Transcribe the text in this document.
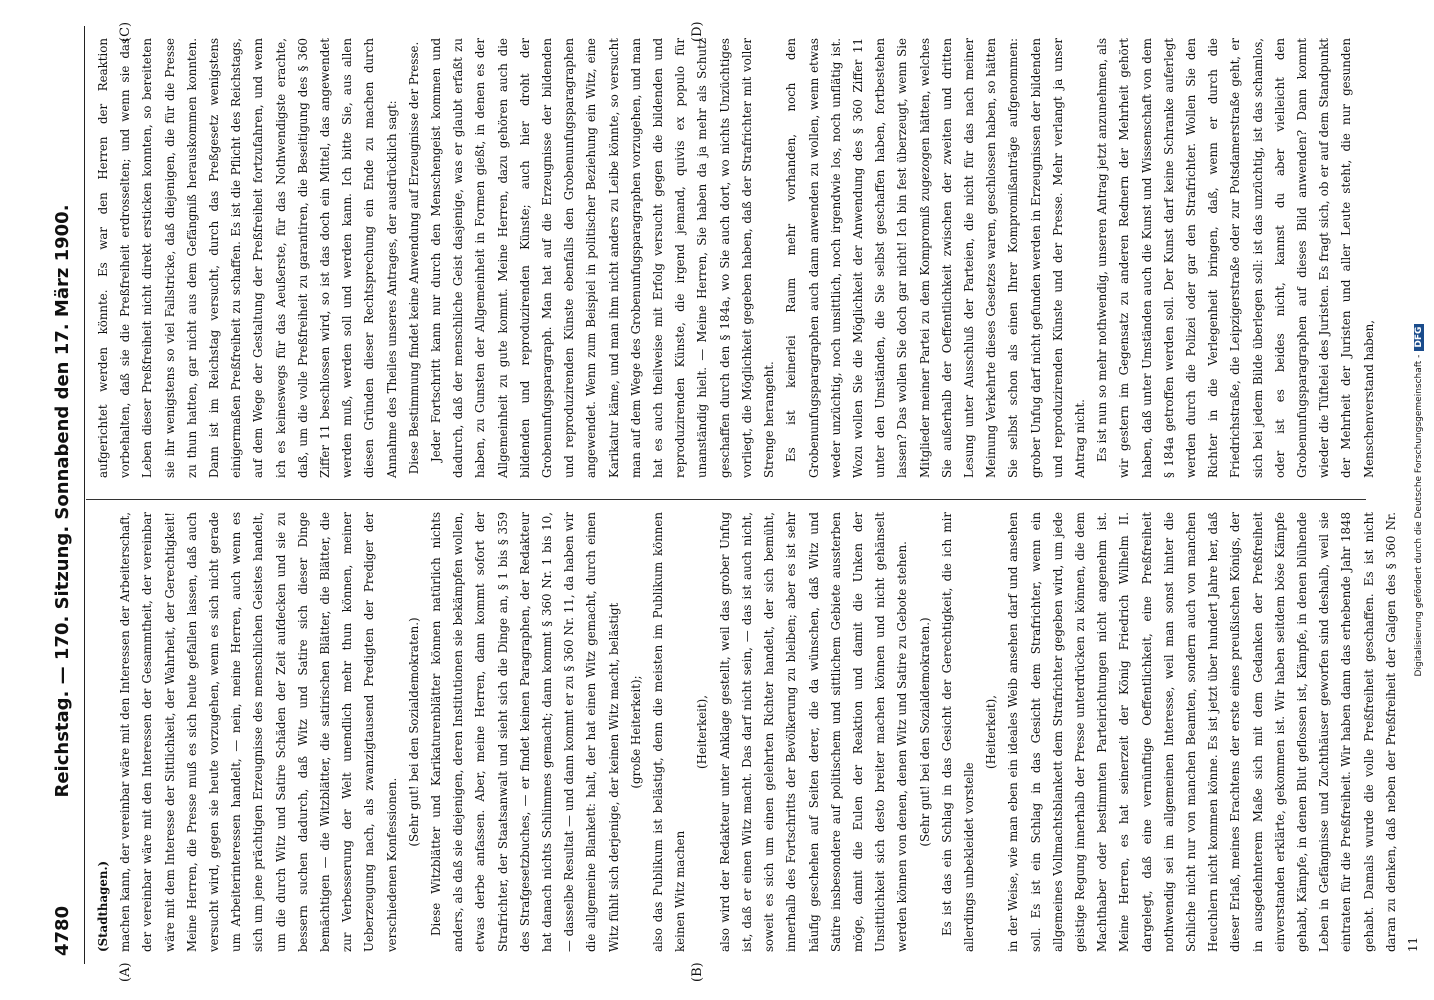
4780
Reichstag. — 170. Sitzung. Sonnabend den 17. März 1900.
(A)	(B)
(C)	(D)

(Stadthagen.) machen kann, der vereinbar wäre mit den Interessen der Arbeiterschaft, der vereinbar wäre mit den Interessen der Gesammtheit, der vereinbar wäre mit dem Interesse der Sittlichkeit, der Wahrheit, der Gerechtigkeit! Meine Herren, die Presse muß es sich heute gefallen lassen, daß auch versucht wird, gegen sie heute vorzugehen, wenn es sich nicht gerade um Arbeiterinteressen handelt, — nein, meine Herren, auch wenn es sich um jene prächtigen Erzeugnisse des menschlichen Geistes handelt, um die durch Witz und Satire Schäden der Zeit aufdecken und sie zu bessern suchen dadurch, daß Witz und Satire sich dieser Dinge bemächtigen — die Witzblätter, die satirischen Blätter, die Blätter, die zur Verbesserung der Welt unendlich mehr thun können, meiner Ueberzeugung nach, als zwanzigtausend Predigten der Prediger der verschiedenen Konfessionen.

(Sehr gut! bei den Sozialdemokraten.) Diese Witzblätter und Karikaturenblätter können natürlich nichts anders, als daß sie diejenigen, deren Institutionen sie bekämpfen wollen, etwas derbe anfassen. Aber, meine Herren, dann kommt sofort der Strafrichter, der Staatsanwalt und sieht sich die Dinge an, § 1 bis § 359 des Strafgesetzbuches, — er findet keinen Paragraphen, der Redakteur hat danach nichts Schlimmes gemacht; dann kommt § 360 Nr. 1 bis 10, — dasselbe Resultat — und dann kommt er zu § 360 Nr. 11, da haben wir die allgemeine Blankett: halt, der hat einen Witz gemacht, durch einen Witz fühlt sich derjenige, der keinen Witz macht, belästigt (große Heiterkeit); also das Publikum ist belästigt, denn die meisten im Publikum können keinen Witz machen

(Heiterkeit), also wird der Redakteur unter Anklage gestellt, weil das grober Unfug ist, daß er einen Witz macht. Das darf nicht sein, — das ist auch nicht, soweit es sich um einen gelehrten Richter handelt, der sich bemüht, innerhalb des Fortschritts der Bevölkerung zu bleiben; aber es ist sehr häufig geschehen auf Seiten derer, die da wünschen, daß Witz und Satire insbesondere auf politischem und sittlichem Gebiete aussterben möge, damit die Eulen der Reaktion und damit die Unken der Unsittlichkeit sich desto breiter machen können und nicht gehänselt werden können von denen, denen Witz und Satire zu Gebote stehen. (Sehr gut! bei den Sozialdemokraten.) Es ist das ein Schlag in das Gesicht der Gerechtigkeit, die ich mir allerdings unbekleidet vorstelle

(Heiterkeit), in der Weise, wie man eben ein ideales Weib ansehen darf und ansehen soll. Es ist ein Schlag in das Gesicht dem Strafrichter, wenn ein allgemeines Vollmachtsblankett dem Strafrichter gegeben wird, um jede geistige Regung innerhalb der Presse unterdrücken zu können, die dem Machthaber oder bestimmten Parteirichtungen nicht angenehm ist. Meine Herren, es hat seinerzeit der König Friedrich Wilhelm II. dargelegt, daß eine vernünftige Oeffentlichkeit, eine Preßfreiheit nothwendig sei im allgemeinen Interesse, weil man sonst hinter die Schliche nicht nur von manchen Beamten, sondern auch von manchen Heuchlern nicht kommen könne. Es ist jetzt über hundert Jahre her, daß dieser Erlaß, meines Erachtens der erste eines preußischen Königs, der in ausgedehnterem Maße sich mit dem Gedanken der Preßfreiheit einverstanden erklärte, gekommen ist. Wir haben seitdem böse Kämpfe gehabt, Kämpfe, in denen Blut geflossen ist, Kämpfe, in denen blühende Leben in Gefängnisse und Zuchthäuser geworfen sind deshalb, weil sie eintraten für die Preßfreiheit. Wir haben dann das erhebende Jahr 1848 gehabt. Damals wurde die volle Preßfreiheit geschaffen. Es ist nicht daran zu denken, daß neben der Preßfreiheit der Galgen des § 360 Nr. 11

aufgerichtet werden könnte. Es war den Herren der Reaktion vorbehalten, daß sie die Preßfreiheit erdrosselten; und wenn sie das Leben dieser Preßfreiheit nicht direkt ersticken konnten, so bereiteten sie ihr wenigstens so viel Fallstricke, daß diejenigen, die für die Presse zu thun hatten, gar nicht aus dem Gefängniß herauskommen konnten. Dann ist im Reichstag versucht, durch das Preßgesetz wenigstens einigermaßen Preßfreiheit zu schaffen. Es ist die Pflicht des Reichstags, auf dem Wege der Gestaltung der Preßfreiheit fortzufahren, und wenn ich es keineswegs für das Aeußerste, für das Nothwendigste erachte, daß, um die volle Preßfreiheit zu garantiren, die Beseitigung des § 360 Ziffer 11 beschlossen wird, so ist das doch ein Mittel, das angewendet werden muß, werden soll und werden kann. Ich bitte Sie, aus allen diesen Gründen dieser Rechtsprechung ein Ende zu machen durch Annahme des Theiles unseres Antrages, der ausdrücklich sagt: Diese Bestimmung findet keine Anwendung auf Erzeugnisse der Presse. Jeder Fortschritt kann nur durch den Menschengeist kommen und dadurch, daß der menschliche Geist dasjenige, was er glaubt erfaßt zu haben, zu Gunsten der Allgemeinheit in Formen gießt, in denen es der Allgemeinheit zu gute kommt. Meine Herren, dazu gehören auch die bildenden und reproduzirenden Künste; auch hier droht der Grobenunfugsparagraph. Man hat auf die Erzeugnisse der bildenden und reproduzirenden Künste ebenfalls den Grobenunfugsparagraphen angewendet. Wenn zum Beispiel in politischer Beziehung ein Witz, eine Karikatur käme, und man ihm nicht anders zu Leibe könnte, so versucht man auf dem Wege des Grobenunfugsparagraphen vorzugehen, und man hat es auch theilweise mit Erfolg versucht gegen die bildenden und reproduzirenden Künste, die irgend jemand, quivis ex populo für unanständig hielt. — Meine Herren, Sie haben da ja mehr als Schutz geschaffen durch den § 184a, wo Sie auch dort, wo nichts Unzüchtiges vorliegt, die Möglichkeit gegeben haben, daß der Strafrichter mit voller Strenge herangeht. Es ist keinerlei Raum mehr vorhanden, noch den Grobenunfugsparagraphen auch dann anwenden zu wollen, wenn etwas weder unzüchtig, noch unsittlich, noch irgendwie los, noch unflätig ist. Wozu wollen Sie die Möglichkeit der Anwendung des § 360 Ziffer 11 unter den Umständen, die Sie selbst geschaffen haben, fortbestehen lassen? Das wollen Sie doch gar nicht! Ich bin fest überzeugt, wenn Sie Mitglieder meiner Partei zu dem Kompromiß zugezogen hätten, welches Sie außerhalb der Oeffentlichkeit zwischen der zweiten und dritten Lesung unter Ausschluß der Parteien, die nicht für das nach meiner Meinung Verkehrte dieses Gesetzes waren, geschlossen haben, so hätten Sie selbst schon als einen Ihrer Kompromißanträge aufgenommen: grober Unfug darf nicht gefunden werden in Erzeugnissen der bildenden und reproduzirenden Künste und der Presse. Mehr verlangt ja unser Antrag nicht. Es ist nun so mehr nothwendig, unseren Antrag jetzt anzunehmen, als wir gestern im Gegensatz zu anderen Rednern der Mehrheit gehört haben, daß unter Umständen auch die Kunst und Wissenschaft von dem § 184a getroffen werden soll. Der Kunst darf keine Schranke auferlegt werden durch die Polizei oder gar den Strafrichter. Wollen Sie den Richter in die Verlegenheit bringen, daß, wenn er durch die Friedrichstraße, die Leipzigerstraße oder zur Potsdamerstraße geht, er sich bei jedem Bilde überlegen soll: ist das unzüchtig, ist das schamlos, oder ist es beides nicht, kannst du aber vielleicht den Grobenunfugsparagraphen auf dieses Bild anwenden? Dann kommt wieder die Tüftelei des Juristen. Es fragt sich, ob er auf dem Standpunkt der Mehrheit der Juristen und aller Leute steht, die nur gesunden Menschenverstand haben,	Digitalisierung gefördert durch die Deutsche Forschungsgemeinschaft -DFG
